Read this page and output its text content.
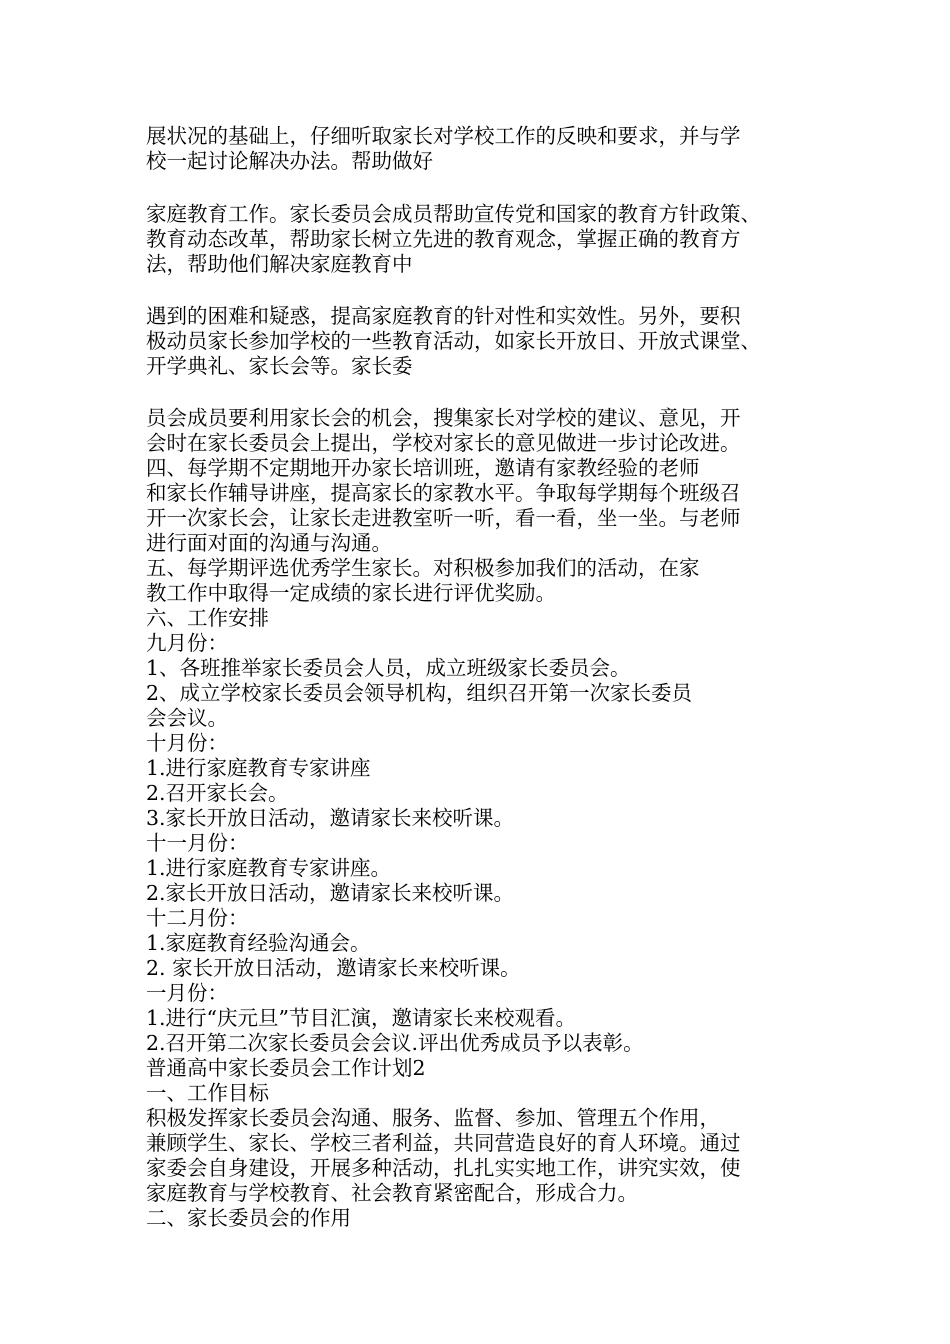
展状况的基础上，仔细听取家长对学校工作的反映和要求，并与学
校一起讨论解决办法。帮助做好
家庭教育工作。家长委员会成员帮助宣传党和国家的教育方针政策、
教育动态改革，帮助家长树立先进的教育观念，掌握正确的教育方
法，帮助他们解决家庭教育中
遇到的困难和疑惑，提高家庭教育的针对性和实效性。另外，要积
极动员家长参加学校的一些教育活动，如家长开放日、开放式课堂、
开学典礼、家长会等。家长委
员会成员要利用家长会的机会，搜集家长对学校的建议、意见，开
会时在家长委员会上提出，学校对家长的意见做进一步讨论改进。
四、每学期不定期地开办家长培训班，邀请有家教经验的老师
和家长作辅导讲座，提高家长的家教水平。争取每学期每个班级召
开一次家长会，让家长走进教室听一听，看一看，坐一坐。与老师
进行面对面的沟通与沟通。
五、每学期评选优秀学生家长。对积极参加我们的活动，在家
教工作中取得一定成绩的家长进行评优奖励。
六、工作安排
九月份：
1、各班推举家长委员会人员，成立班级家长委员会。
2、成立学校家长委员会领导机构，组织召开第一次家长委员
会会议。
十月份：
1.进行家庭教育专家讲座
2.召开家长会。
3.家长开放日活动，邀请家长来校听课。
十一月份：
1.进行家庭教育专家讲座。
2.家长开放日活动，邀请家长来校听课。
十二月份：
1.家庭教育经验沟通会。
2. 家长开放日活动，邀请家长来校听课。
一月份：
1.进行“庆元旦”节目汇演，邀请家长来校观看。
2.召开第二次家长委员会会议.评出优秀成员予以表彰。
普通高中家长委员会工作计划2
一、工作目标
积极发挥家长委员会沟通、服务、监督、参加、管理五个作用，
兼顾学生、家长、学校三者利益，共同营造良好的育人环境。通过
家委会自身建设，开展多种活动，扎扎实实地工作，讲究实效，使
家庭教育与学校教育、社会教育紧密配合，形成合力。
二、家长委员会的作用
